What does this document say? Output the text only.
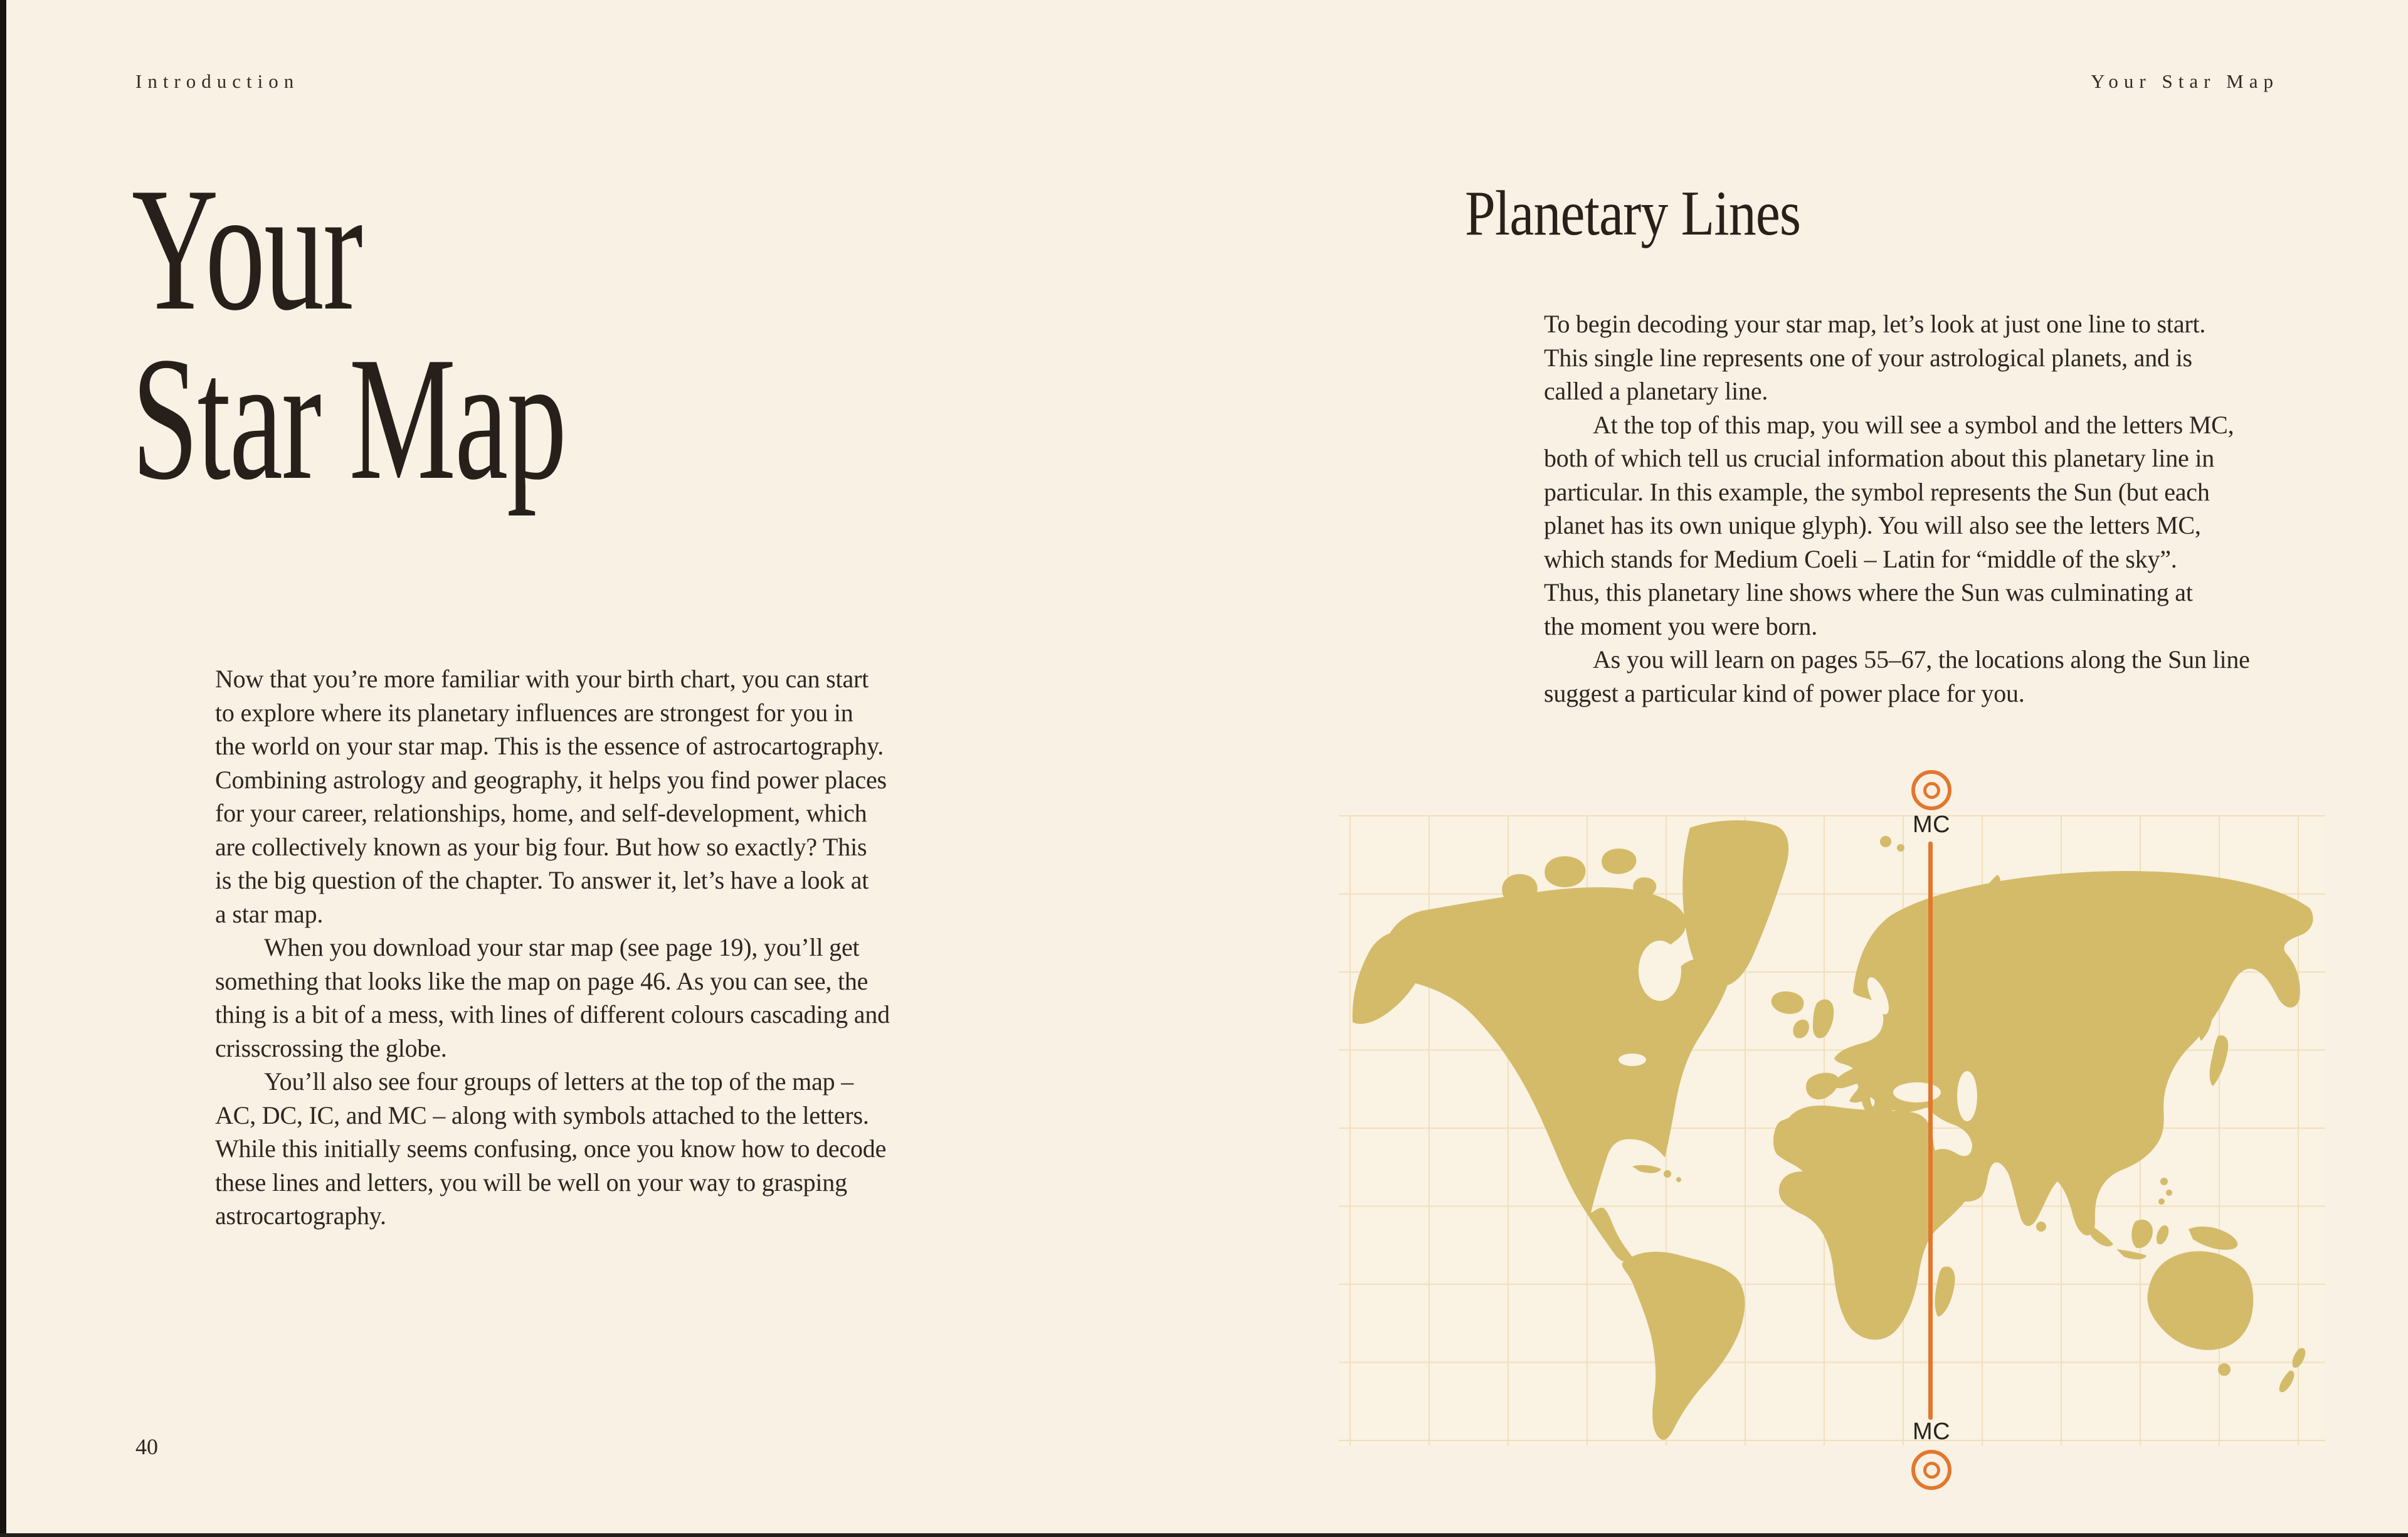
Introduction	Your Star Map
Your
Star Map
Now that you’re more familiar with your birth chart, you can start
to explore where its planetary influences are strongest for you in
the world on your star map. This is the essence of astrocartography.
Combining astrology and geography, it helps you find power places
for your career, relationships, home, and self-development, which
are collectively known as your big four. But how so exactly? This
is the big question of the chapter. To answer it, let’s have a look at
a star map.
When you download your star map (see page 19), you’ll get
something that looks like the map on page 46. As you can see, the
thing is a bit of a mess, with lines of different colours cascading and
crisscrossing the globe.
You’ll also see four groups of letters at the top of the map –
AC, DC, IC, and MC – along with symbols attached to the letters.
While this initially seems confusing, once you know how to decode
these lines and letters, you will be well on your way to grasping
astrocartography.
40
Planetary Lines
To begin decoding your star map, let’s look at just one line to start.
This single line represents one of your astrological planets, and is
called a planetary line.
At the top of this map, you will see a symbol and the letters MC,
both of which tell us crucial information about this planetary line in
particular. In this example, the symbol represents the Sun (but each
planet has its own unique glyph). You will also see the letters MC,
which stands for Medium Coeli – Latin for “middle of the sky”.
Thus, this planetary line shows where the Sun was culminating at
the moment you were born.
As you will learn on pages 55–67, the locations along the Sun line
suggest a particular kind of power place for you.
MC
MC
